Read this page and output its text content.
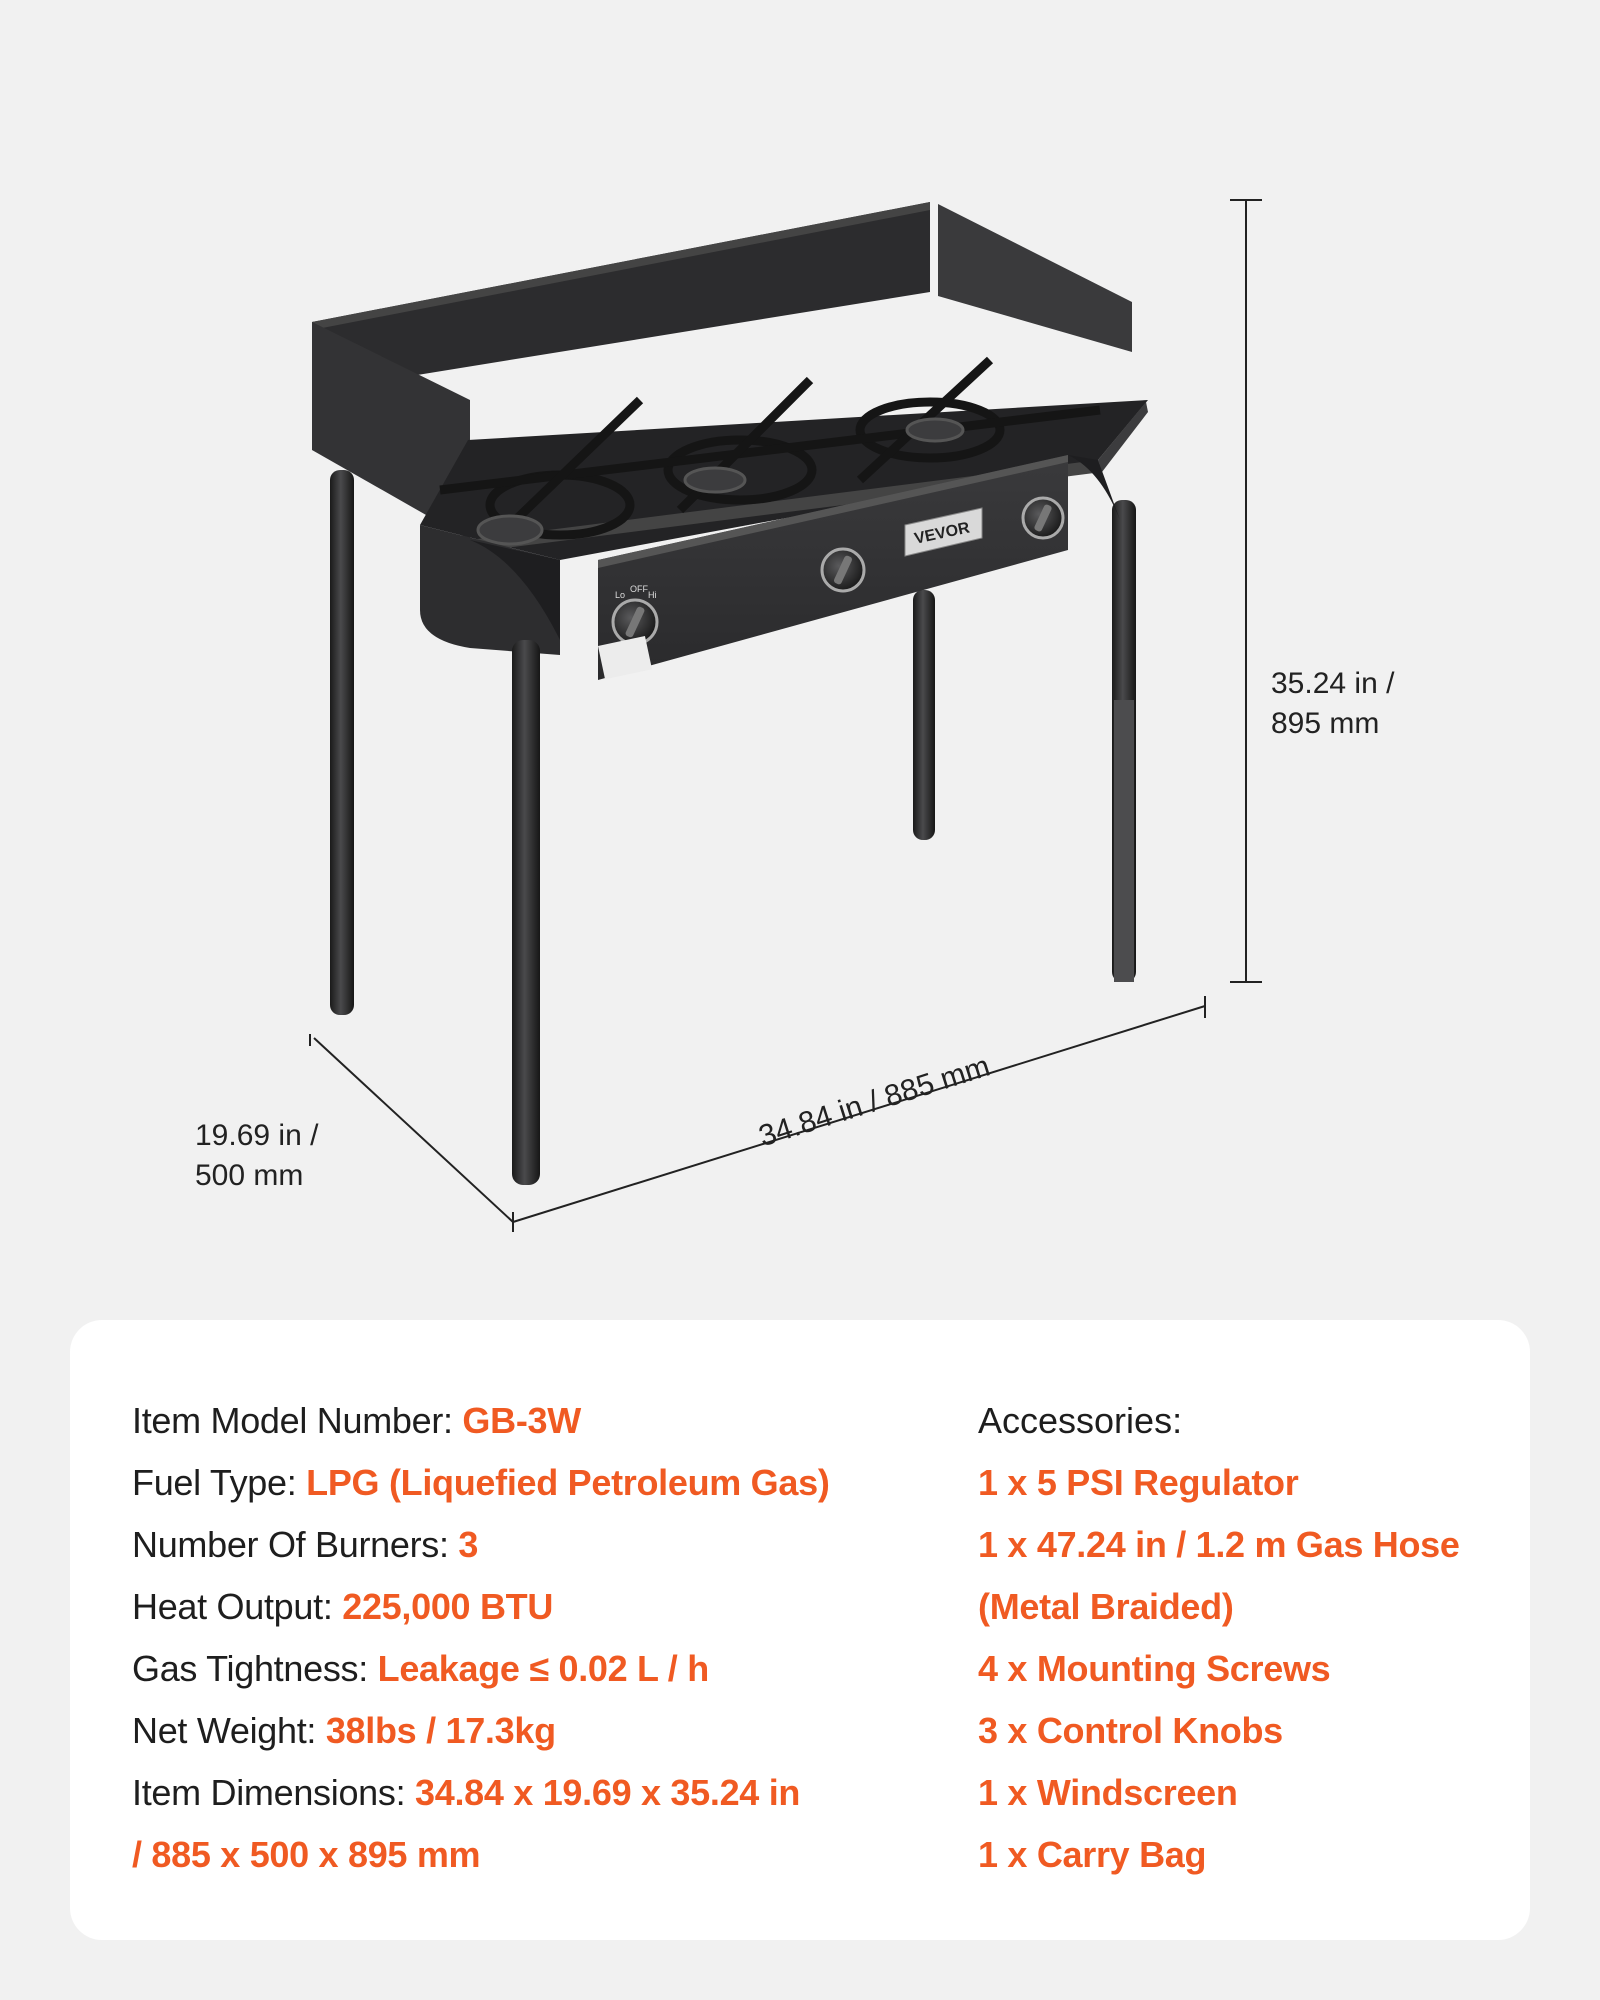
VEVOR
Lo
OFF
Hi
35.24 in /
895 mm
19.69 in /
500 mm
34.84 in / 885 mm
Item Model Number: GB-3W
Fuel Type: LPG (Liquefied Petroleum Gas)
Number Of Burners: 3
Heat Output: 225,000 BTU
Gas Tightness: Leakage ≤ 0.02 L / h
Net Weight: 38lbs / 17.3kg
Item Dimensions: 34.84 x 19.69 x 35.24 in
/ 885 x 500 x 895 mm
Accessories:
1 x 5 PSI Regulator
1 x 47.24 in / 1.2 m Gas Hose
(Metal Braided)
4 x Mounting Screws
3 x Control Knobs
1 x Windscreen
1 x Carry Bag
